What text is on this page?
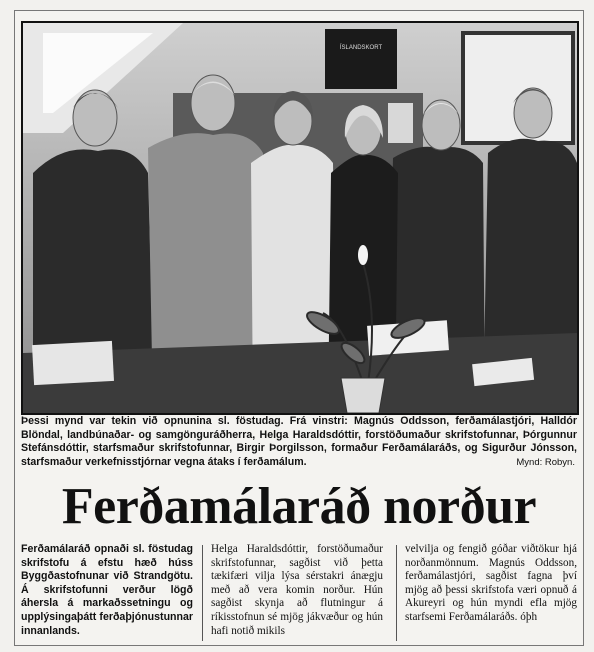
ÍSLANDSKORT
Þessi mynd var tekin við opnunina sl. föstudag. Frá vinstri: Magnús Oddsson, ferðamálastjóri, Halldór Blöndal, landbúnaðar- og samgönguráðherra, Helga Haraldsdóttir, forstöðumaður skrifstofunnar, Þórgunnur Stefánsdóttir, starfsmaður skrifstofunnar, Birgir Þorgilsson, formaður Ferðamálaráðs, og Sigurður Jónsson, starfsmaður verkefnisstjórnar vegna átaks í ferðamálum.	Mynd: Robyn.
Ferðamálaráð norður
Ferðamálaráð opnaði sl. föstudag skrifstofu á efstu hæð húss Byggðastofnunar við Strandgötu. Á skrifstofunni verður lögð áhersla á markaðssetningu og upplýsingaþátt ferðaþjónustunnar innanlands.
Helga Haraldsdóttir, forstöðumaður skrifstofunnar, sagðist við þetta tækifæri vilja lýsa sérstakri ánægju með að vera komin norður. Hún sagðist skynja að flutningur á ríkisstofnun sé mjög jákvæður og hún hafi notið mikils
velvilja og fengið góðar viðtökur hjá norðanmönnum. Magnús Oddsson, ferðamálastjóri, sagðist fagna því mjög að þessi skrifstofa væri opnuð á Akureyri og hún myndi efla mjög starfsemi Ferðamálaráðs. óþh
